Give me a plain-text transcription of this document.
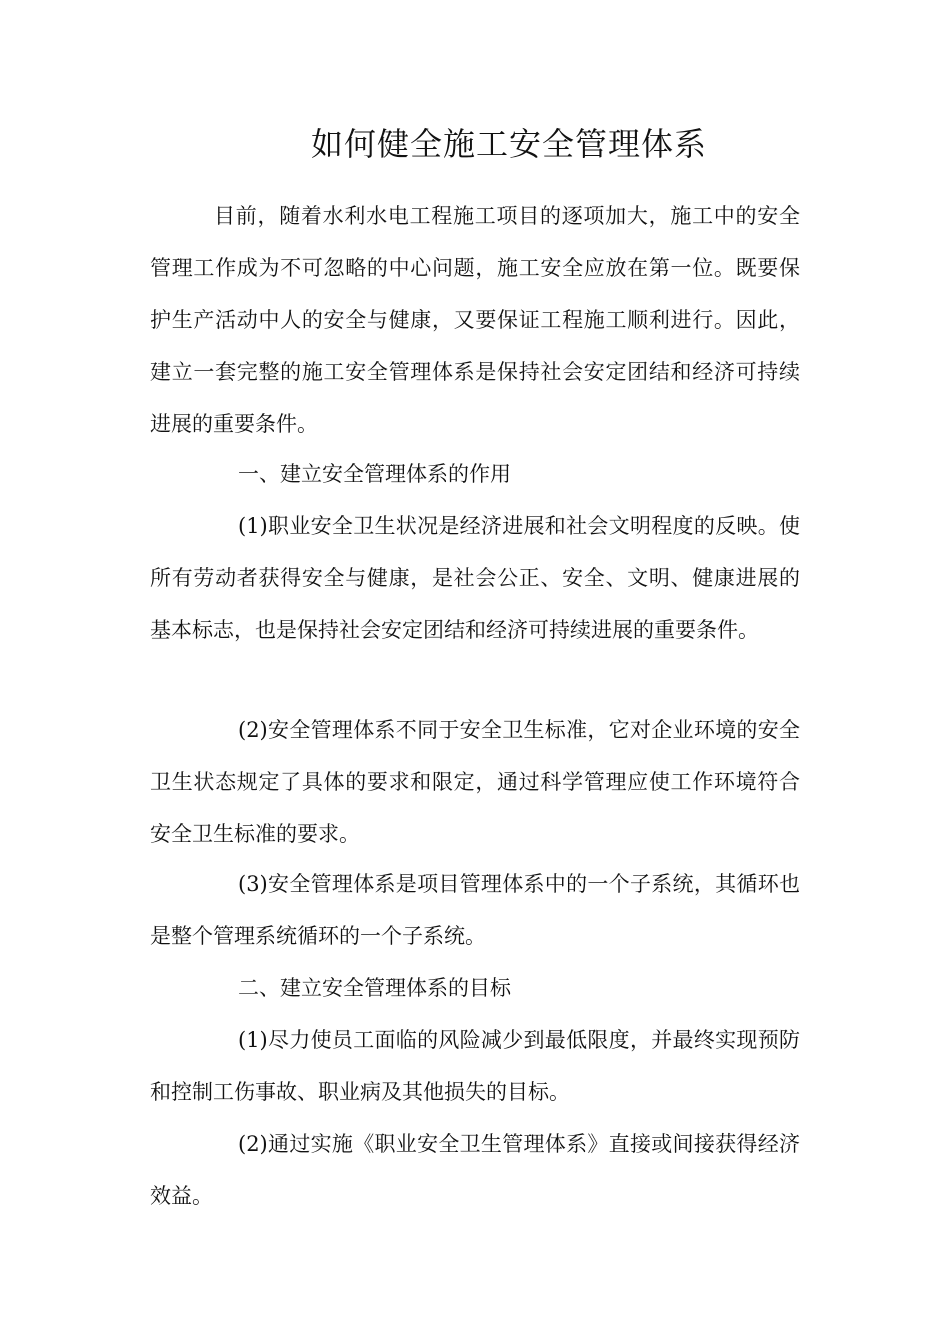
如何健全施工安全管理体系

目前，随着水利水电工程施工项目的逐项加大，施工中的安全管理工作成为不可忽略的中心问题，施工安全应放在第一位。既要保护生产活动中人的安全与健康，又要保证工程施工顺利进行。因此，建立一套完整的施工安全管理体系是保持社会安定团结和经济可持续进展的重要条件。

一、建立安全管理体系的作用

(1)职业安全卫生状况是经济进展和社会文明程度的反映。使所有劳动者获得安全与健康，是社会公正、安全、文明、健康进展的基本标志，也是保持社会安定团结和经济可持续进展的重要条件。

(2)安全管理体系不同于安全卫生标准，它对企业环境的安全卫生状态规定了具体的要求和限定，通过科学管理应使工作环境符合安全卫生标准的要求。

(3)安全管理体系是项目管理体系中的一个子系统，其循环也是整个管理系统循环的一个子系统。

二、建立安全管理体系的目标

(1)尽力使员工面临的风险减少到最低限度，并最终实现预防和控制工伤事故、职业病及其他损失的目标。

(2)通过实施《职业安全卫生管理体系》直接或间接获得经济效益。
